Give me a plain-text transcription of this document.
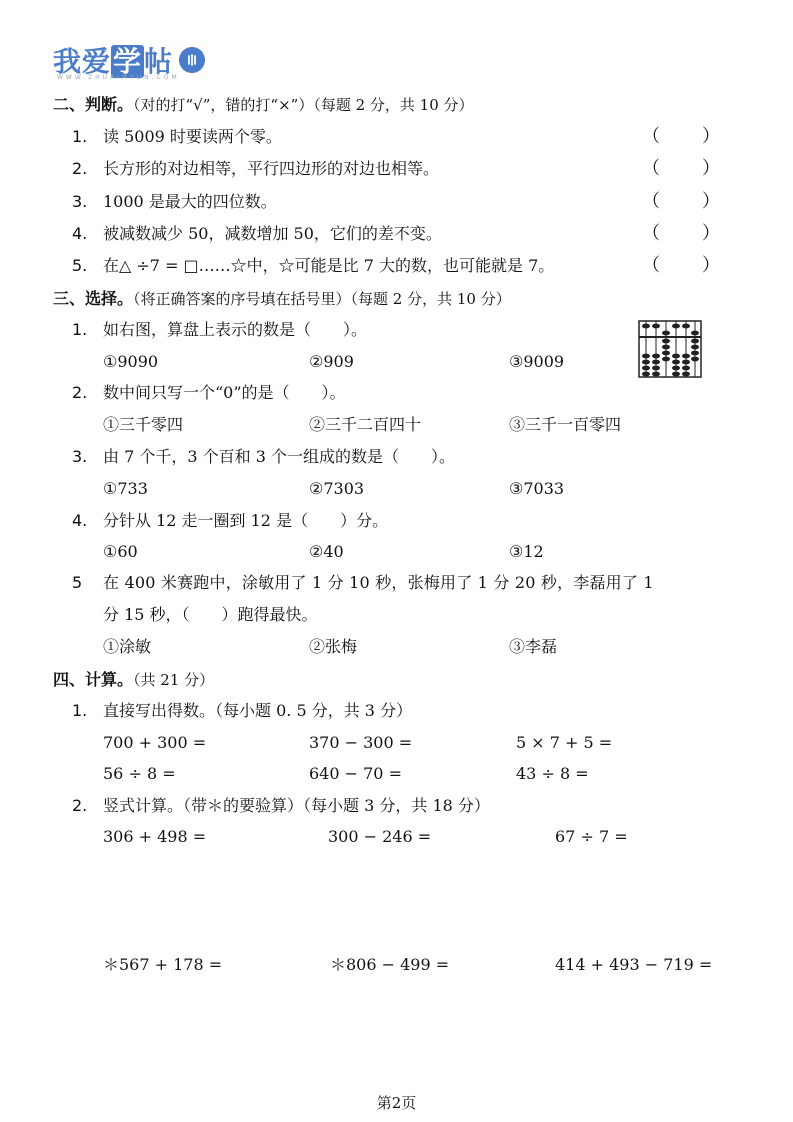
我爱学帖
WWW.ZHUAIMYUN.COM
二、判断。（对的打“√”，错的打“×”）（每题 2 分，共 10 分）
1. 读 5009 时要读两个零。	（　　）
2. 长方形的对边相等，平行四边形的对边也相等。	（　　）
3. 1000 是最大的四位数。	（　　）
4. 被减数减少 50，减数增加 50，它们的差不变。	（　　）
5. 在△ ÷7 = □……☆中，☆可能是比 7 大的数，也可能就是 7。	（　　）
三、选择。（将正确答案的序号填在括号里）（每题 2 分，共 10 分）
1. 如右图，算盘上表示的数是（　　）。
①9090	②909	③9009
2. 数中间只写一个“0”的是（　　）。
①三千零四	②三千二百四十	③三千一百零四
3. 由 7 个千，3 个百和 3 个一组成的数是（　　）。
①733	②7303	③7033
4. 分针从 12 走一圈到 12 是（　　）分。
①60	②40	③12
5 在 400 米赛跑中，涂敏用了 1 分 10 秒，张梅用了 1 分 20 秒，李磊用了 1
分 15 秒，（　　）跑得最快。
①涂敏	②张梅	③李磊
四、计算。（共 21 分）
1. 直接写出得数。（每小题 0. 5 分，共 3 分）
700 + 300 =	370 − 300 =	5 × 7 + 5 =
56 ÷ 8 =	640 − 70 =	43 ÷ 8 =
2. 竖式计算。（带＊的要验算）（每小题 3 分，共 18 分）
306 + 498 =	300 − 246 =	67 ÷ 7 =
＊567 + 178 =	＊806 − 499 =	414 + 493 − 719 =
第2页
